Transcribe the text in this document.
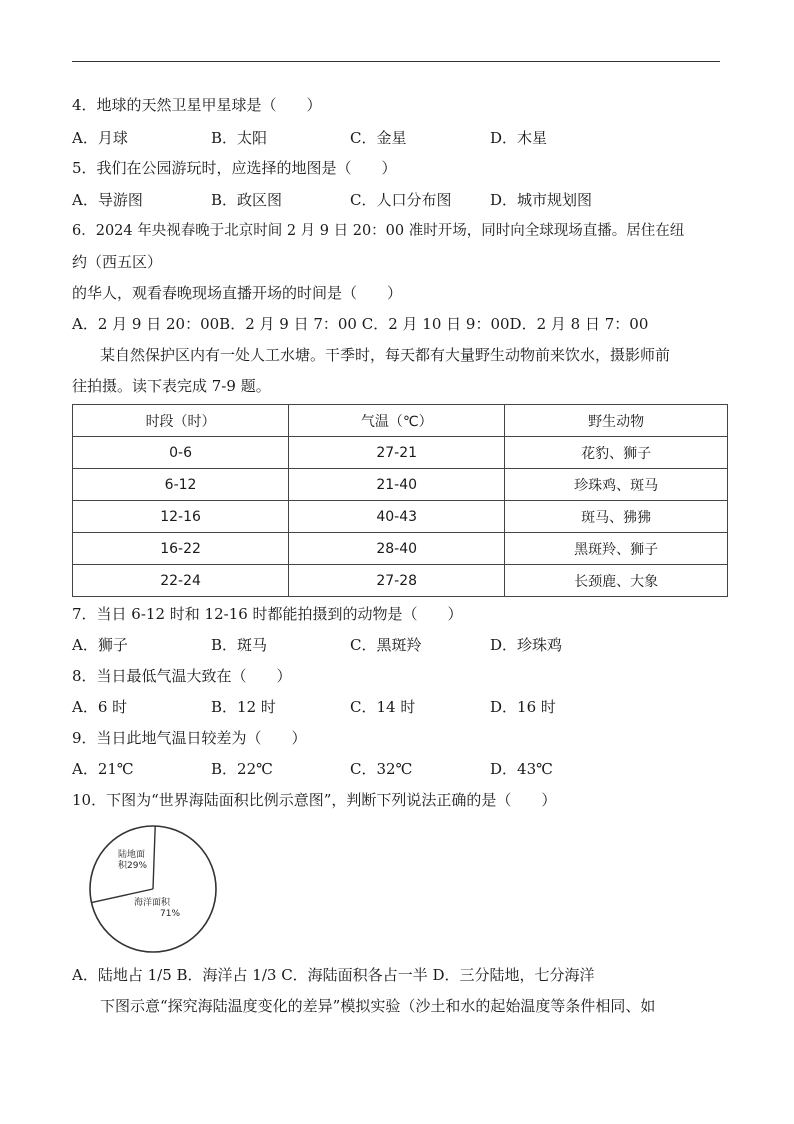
4．地球的天然卫星甲星球是（　　）
A．月球	B．太阳	C．金星	D．木星
5．我们在公园游玩时，应选择的地图是（　　）
A．导游图	B．政区图	C．人口分布图	D．城市规划图
6．2024 年央视春晚于北京时间 2 月 9 日 20：00 准时开场，同时向全球现场直播。居住在纽
约（西五区）
的华人，观看春晚现场直播开场的时间是（　　）
A．2 月 9 日 20：00B．2 月 9 日 7：00 C．2 月 10 日 9：00D．2 月 8 日 7：00
某自然保护区内有一处人工水塘。干季时，每天都有大量野生动物前来饮水，摄影师前
往拍摄。读下表完成 7-9 题。
时段（时）	气温（℃）	野生动物
0-6	27-21	花豹、狮子
6-12	21-40	珍珠鸡、斑马
12-16	40-43	斑马、狒狒
16-22	28-40	黑斑羚、狮子
22-24	27-28	长颈鹿、大象
7．当日 6-12 时和 12-16 时都能拍摄到的动物是（　　）
A．狮子	B．斑马	C．黑斑羚	D．珍珠鸡
8．当日最低气温大致在（　　）
A．6 时	B．12 时	C．14 时	D．16 时
9．当日此地气温日较差为（　　）
A．21℃	B．22℃	C．32℃	D．43℃
10．下图为“世界海陆面积比例示意图”，判断下列说法正确的是（　　）
陆地面
积29%
海洋面积
71%
A．陆地占 1/5 B．海洋占 1/3 C．海陆面积各占一半 D．三分陆地，七分海洋
下图示意“探究海陆温度变化的差异”模拟实验（沙土和水的起始温度等条件相同、如
